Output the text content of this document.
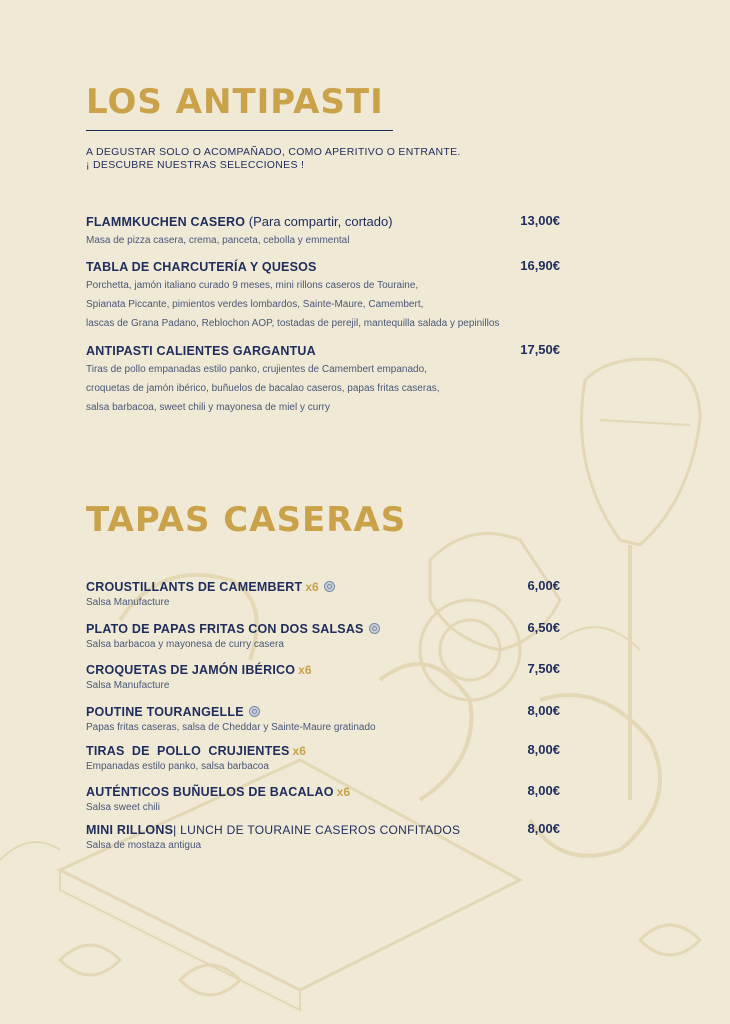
LOS ANTIPASTI
A DEGUSTAR SOLO O ACOMPAÑADO, COMO APERITIVO O ENTRANTE.
¡ DESCUBRE NUESTRAS SELECCIONES !
FLAMMKUCHEN CASERO (Para compartir, cortado)	13,00€
Masa de pizza casera, crema, panceta, cebolla y emmental
TABLA DE CHARCUTERÍA Y QUESOS	16,90€
Porchetta, jamón italiano curado 9 meses, mini rillons caseros de Touraine,
Spianata Piccante, pimientos verdes lombardos, Sainte-Maure, Camembert,
lascas de Grana Padano, Reblochon AOP, tostadas de perejil, mantequilla salada y pepinillos
ANTIPASTI CALIENTES GARGANTUA	17,50€
Tiras de pollo empanadas estilo panko, crujientes de Camembert empanado,
croquetas de jamón ibérico, buñuelos de bacalao caseros, papas fritas caseras,
salsa barbacoa, sweet chili y mayonesa de miel y curry
TAPAS CASERAS
CROUSTILLANTS DE CAMEMBERT x6	6,00€
Salsa Manufacture
PLATO DE PAPAS FRITAS CON DOS SALSAS	6,50€
Salsa barbacoa y mayonesa de curry casera
CROQUETAS DE JAMÓN IBÉRICO x6	7,50€
Salsa Manufacture
POUTINE TOURANGELLE	8,00€
Papas fritas caseras, salsa de Cheddar y Sainte-Maure gratinado
TIRAS  DE  POLLO  CRUJIENTES x6	8,00€
Empanadas estilo panko, salsa barbacoa
AUTÉNTICOS BUÑUELOS DE BACALAO x6	8,00€
Salsa sweet chili
MINI RILLONS| LUNCH DE TOURAINE CASEROS CONFITADOS	8,00€
Salsa de mostaza antigua
